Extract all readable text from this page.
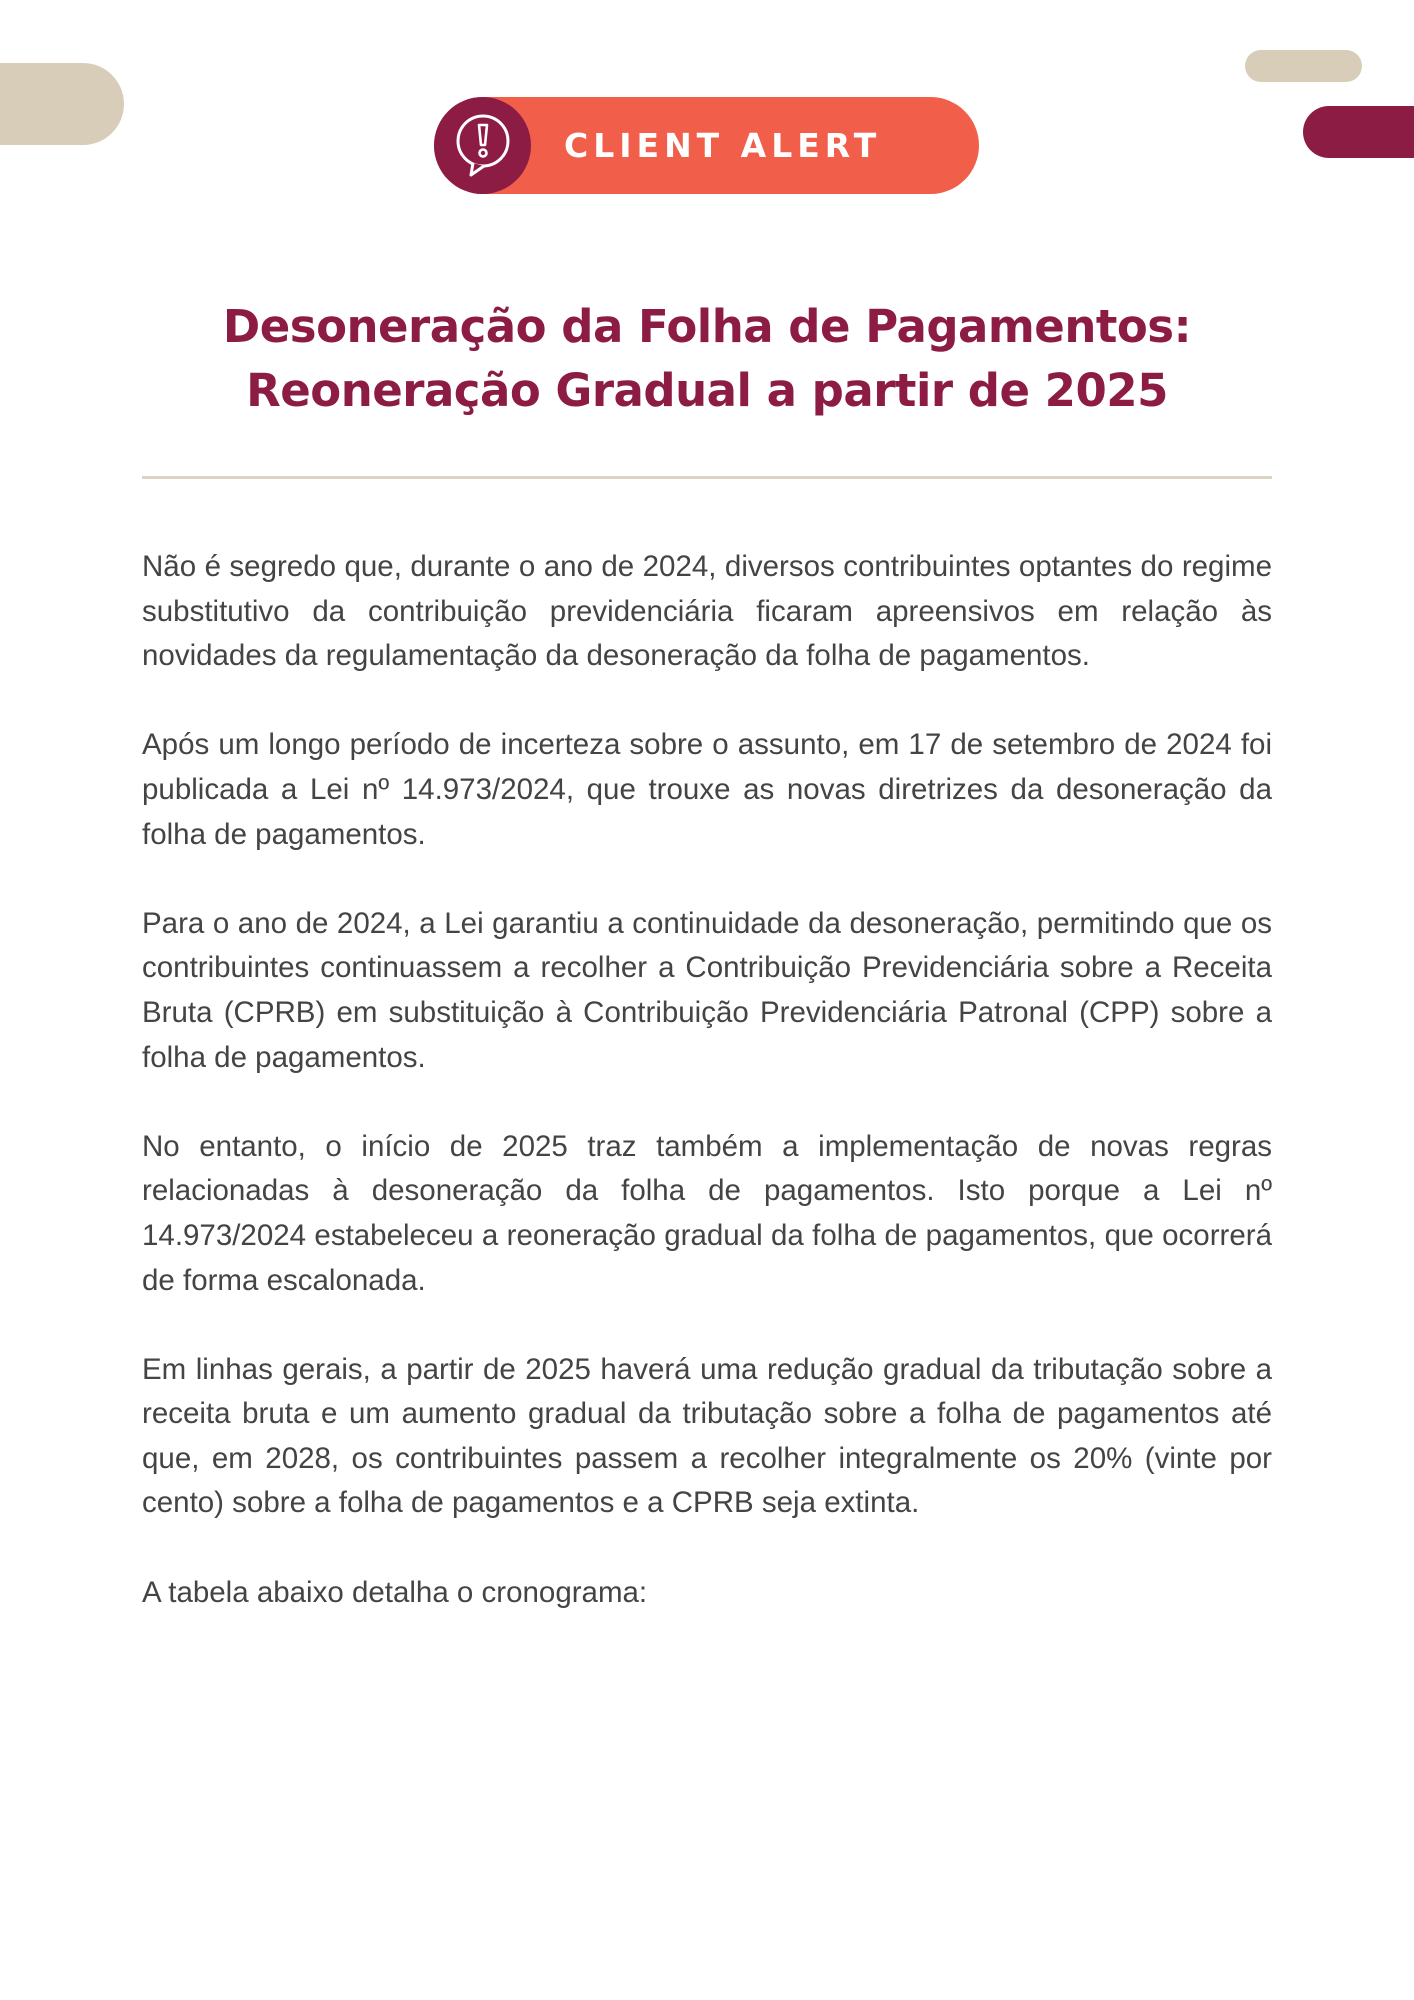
CLIENT ALERT
Desoneração da Folha de Pagamentos:
Reoneração Gradual a partir de 2025

Não é segredo que, durante o ano de 2024, diversos contribuintes optantes do regime substitutivo da contribuição previdenciária ficaram apreensivos em relação às novidades da regulamentação da desoneração da folha de pagamentos.

Após um longo período de incerteza sobre o assunto, em 17 de setembro de 2024 foi publicada a Lei nº 14.973/2024, que trouxe as novas diretrizes da desoneração da folha de pagamentos.

Para o ano de 2024, a Lei garantiu a continuidade da desoneração, permitindo que os contribuintes continuassem a recolher a Contribuição Previdenciária sobre a Receita Bruta (CPRB) em substituição à Contribuição Previdenciária Patronal (CPP) sobre a folha de pagamentos.

No entanto, o início de 2025 traz também a implementação de novas regras relacionadas à desoneração da folha de pagamentos. Isto porque a Lei nº 14.973/2024 estabeleceu a reoneração gradual da folha de pagamentos, que ocorrerá de forma escalonada.

Em linhas gerais, a partir de 2025 haverá uma redução gradual da tributação sobre a receita bruta e um aumento gradual da tributação sobre a folha de pagamentos até que, em 2028, os contribuintes passem a recolher integralmente os 20% (vinte por cento) sobre a folha de pagamentos e a CPRB seja extinta.

A tabela abaixo detalha o cronograma:
